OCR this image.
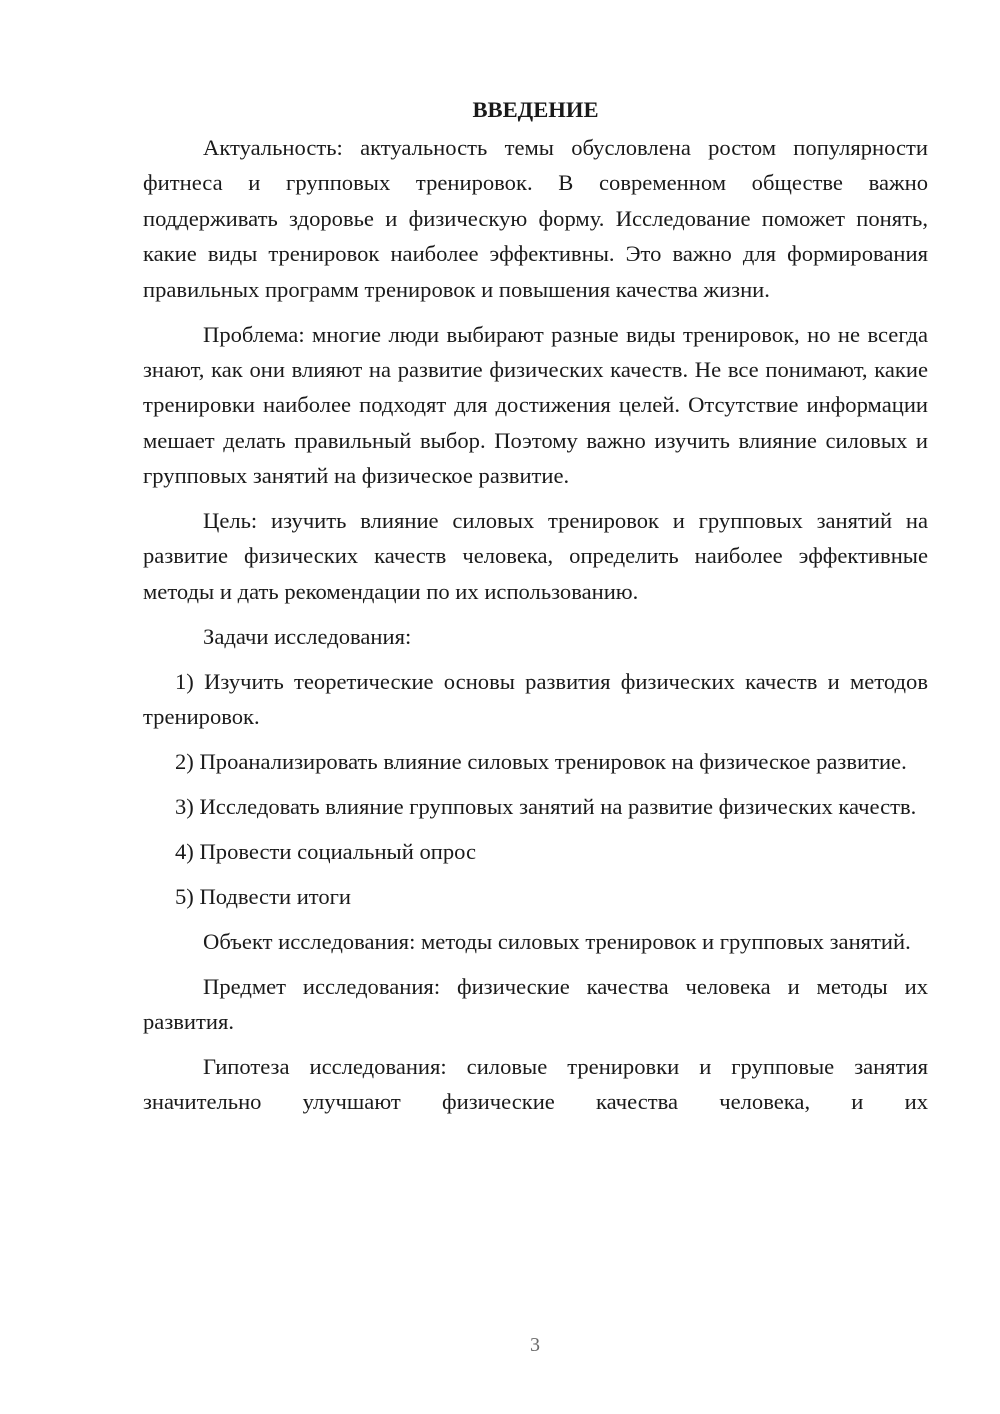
ВВЕДЕНИЕ

Актуальность: актуальность темы обусловлена ростом популярности фитнеса и групповых тренировок. В современном обществе важно поддерживать здоровье и физическую форму. Исследование поможет понять, какие виды тренировок наиболее эффективны. Это важно для формирования правильных программ тренировок и повышения качества жизни.

Проблема: многие люди выбирают разные виды тренировок, но не всегда знают, как они влияют на развитие физических качеств. Не все понимают, какие тренировки наиболее подходят для достижения целей. Отсутствие информации мешает делать правильный выбор. Поэтому важно изучить влияние силовых и групповых занятий на физическое развитие.

Цель: изучить влияние силовых тренировок и групповых занятий на развитие физических качеств человека, определить наиболее эффективные методы и дать рекомендации по их использованию.

Задачи исследования:

1) Изучить теоретические основы развития физических качеств и методов тренировок.

2) Проанализировать влияние силовых тренировок на физическое развитие.

3) Исследовать влияние групповых занятий на развитие физических качеств.

4) Провести социальный опрос

5) Подвести итоги

Объект исследования: методы силовых тренировок и групповых занятий.

Предмет исследования: физические качества человека и методы их развития.

Гипотеза исследования: силовые тренировки и групповые занятия значительно улучшают физические качества человека, и их

3
